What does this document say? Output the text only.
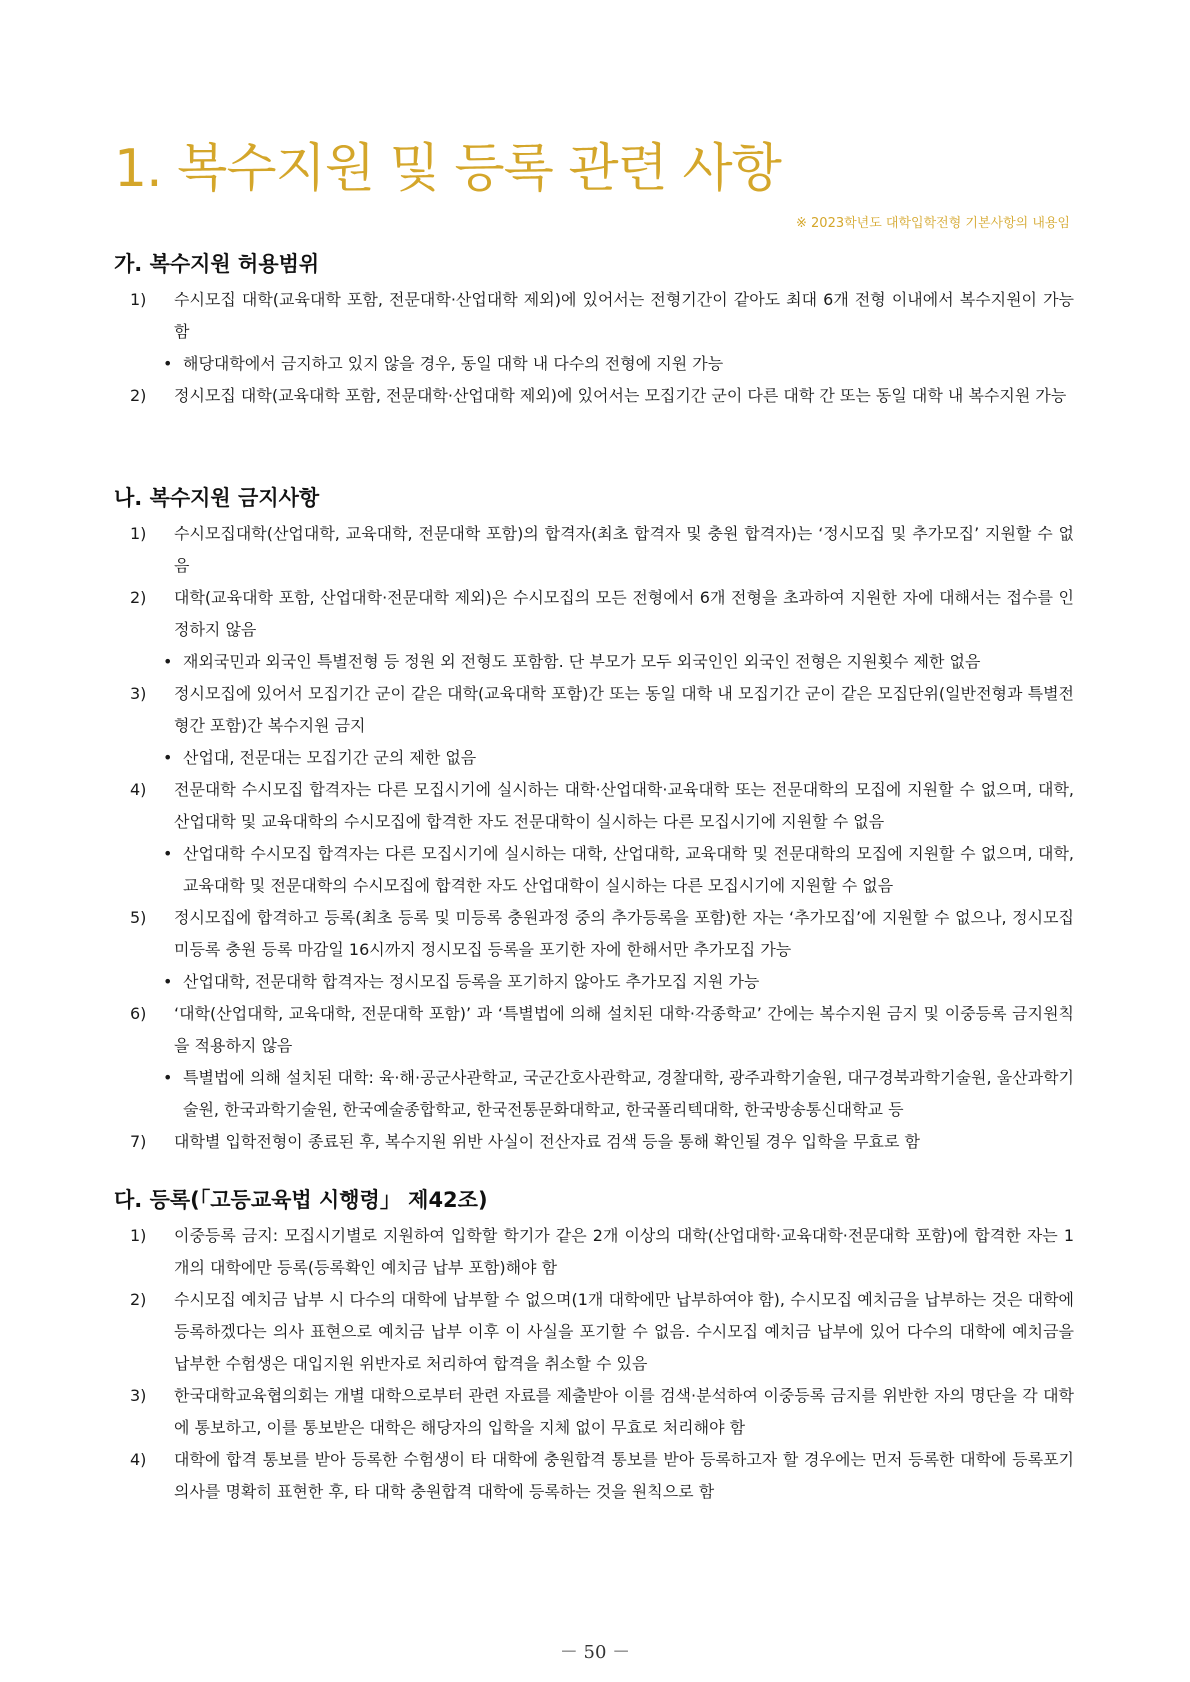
1. 복수지원 및 등록 관련 사항
※ 2023학년도 대학입학전형 기본사항의 내용임
가. 복수지원 허용범위
1) 수시모집 대학(교육대학 포함, 전문대학·산업대학 제외)에 있어서는 전형기간이 같아도 최대 6개 전형 이내에서 복수지원이 가능함
• 해당대학에서 금지하고 있지 않을 경우, 동일 대학 내 다수의 전형에 지원 가능
2) 정시모집 대학(교육대학 포함, 전문대학·산업대학 제외)에 있어서는 모집기간 군이 다른 대학 간 또는 동일 대학 내 복수지원 가능
나. 복수지원 금지사항
1) 수시모집대학(산업대학, 교육대학, 전문대학 포함)의 합격자(최초 합격자 및 충원 합격자)는 ‘정시모집 및 추가모집’ 지원할 수 없음
2) 대학(교육대학 포함, 산업대학·전문대학 제외)은 수시모집의 모든 전형에서 6개 전형을 초과하여 지원한 자에 대해서는 접수를 인정하지 않음
• 재외국민과 외국인 특별전형 등 정원 외 전형도 포함함. 단 부모가 모두 외국인인 외국인 전형은 지원횟수 제한 없음
3) 정시모집에 있어서 모집기간 군이 같은 대학(교육대학 포함)간 또는 동일 대학 내 모집기간 군이 같은 모집단위(일반전형과 특별전형간 포함)간 복수지원 금지
• 산업대, 전문대는 모집기간 군의 제한 없음
4) 전문대학 수시모집 합격자는 다른 모집시기에 실시하는 대학·산업대학·교육대학 또는 전문대학의 모집에 지원할 수 없으며, 대학, 산업대학 및 교육대학의 수시모집에 합격한 자도 전문대학이 실시하는 다른 모집시기에 지원할 수 없음
• 산업대학 수시모집 합격자는 다른 모집시기에 실시하는 대학, 산업대학, 교육대학 및 전문대학의 모집에 지원할 수 없으며, 대학, 교육대학 및 전문대학의 수시모집에 합격한 자도 산업대학이 실시하는 다른 모집시기에 지원할 수 없음
5) 정시모집에 합격하고 등록(최초 등록 및 미등록 충원과정 중의 추가등록을 포함)한 자는 ‘추가모집’에 지원할 수 없으나, 정시모집 미등록 충원 등록 마감일 16시까지 정시모집 등록을 포기한 자에 한해서만 추가모집 가능
• 산업대학, 전문대학 합격자는 정시모집 등록을 포기하지 않아도 추가모집 지원 가능
6) ‘대학(산업대학, 교육대학, 전문대학 포함)’ 과 ‘특별법에 의해 설치된 대학·각종학교’ 간에는 복수지원 금지 및 이중등록 금지원칙을 적용하지 않음
• 특별법에 의해 설치된 대학: 육·해·공군사관학교, 국군간호사관학교, 경찰대학, 광주과학기술원, 대구경북과학기술원, 울산과학기술원, 한국과학기술원, 한국예술종합학교, 한국전통문화대학교, 한국폴리텍대학, 한국방송통신대학교 등
7) 대학별 입학전형이 종료된 후, 복수지원 위반 사실이 전산자료 검색 등을 통해 확인될 경우 입학을 무효로 함
다. 등록(「고등교육법 시행령」 제42조)
1) 이중등록 금지: 모집시기별로 지원하여 입학할 학기가 같은 2개 이상의 대학(산업대학·교육대학·전문대학 포함)에 합격한 자는 1개의 대학에만 등록(등록확인 예치금 납부 포함)해야 함
2) 수시모집 예치금 납부 시 다수의 대학에 납부할 수 없으며(1개 대학에만 납부하여야 함), 수시모집 예치금을 납부하는 것은 대학에 등록하겠다는 의사 표현으로 예치금 납부 이후 이 사실을 포기할 수 없음. 수시모집 예치금 납부에 있어 다수의 대학에 예치금을 납부한 수험생은 대입지원 위반자로 처리하여 합격을 취소할 수 있음
3) 한국대학교육협의회는 개별 대학으로부터 관련 자료를 제출받아 이를 검색·분석하여 이중등록 금지를 위반한 자의 명단을 각 대학에 통보하고, 이를 통보받은 대학은 해당자의 입학을 지체 없이 무효로 처리해야 함
4) 대학에 합격 통보를 받아 등록한 수험생이 타 대학에 충원합격 통보를 받아 등록하고자 할 경우에는 먼저 등록한 대학에 등록포기 의사를 명확히 표현한 후, 타 대학 충원합격 대학에 등록하는 것을 원칙으로 함
－ 50 －
